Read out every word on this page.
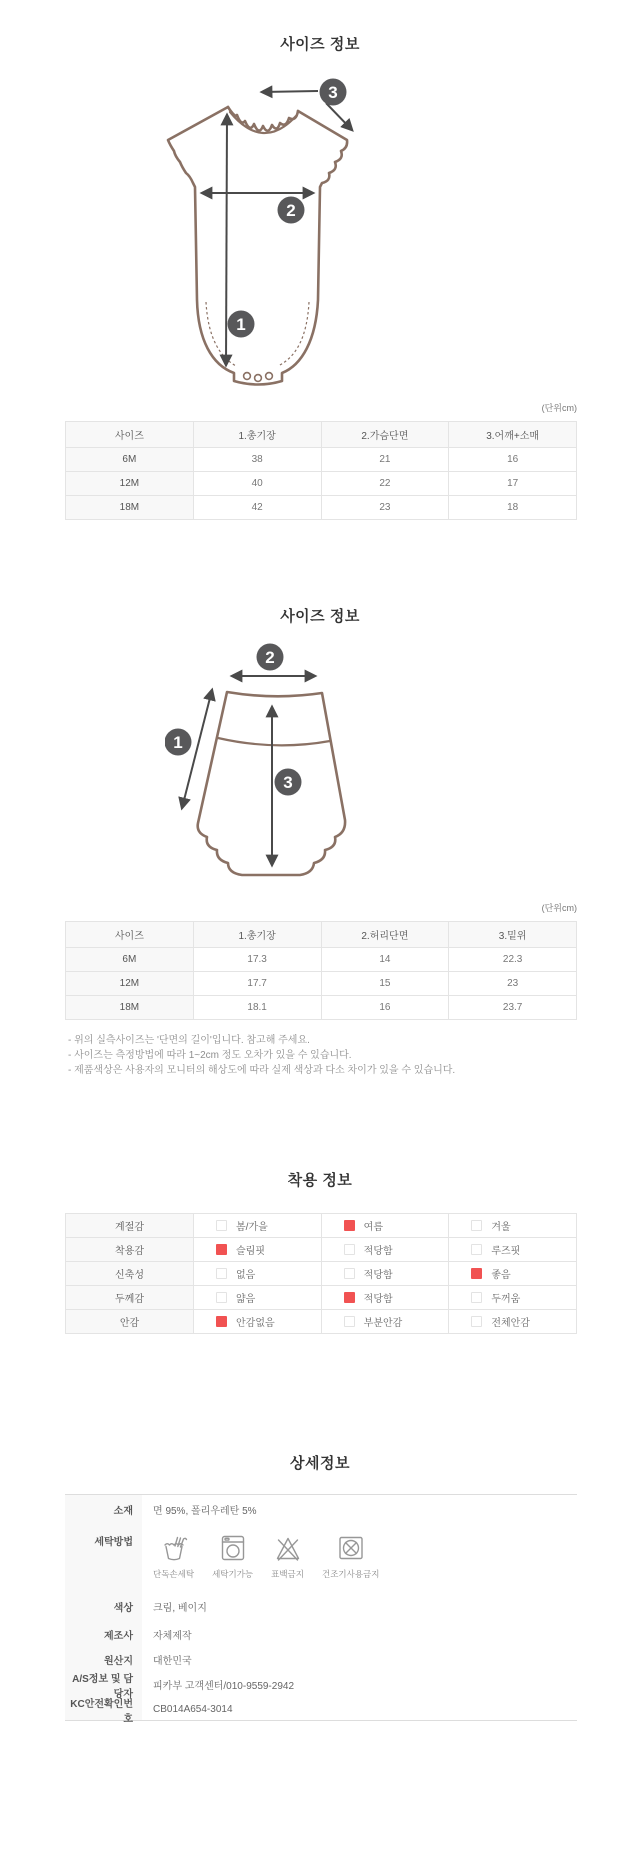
사이즈 정보
1
2
3
(단위cm)
사이즈	1.총기장	2.가슴단면	3.어깨+소매
6M	38	21	16
12M	40	22	17
18M	42	23	18
사이즈 정보
2
1
3
(단위cm)
사이즈	1.총기장	2.허리단면	3.밑위
6M	17.3	14	22.3
12M	17.7	15	23
18M	18.1	16	23.7
- 위의 실측사이즈는 '단면의 길이'입니다. 참고해 주세요.
- 사이즈는 측정방법에 따라 1~2cm 정도 오차가 있을 수 있습니다.
- 제품색상은 사용자의 모니터의 해상도에 따라 실제 색상과 다소 차이가 있을 수 있습니다.
착용 정보
계절감	봄/가을	여름	겨울

착용감	슬림핏	적당함	루즈핏

신축성	없음	적당함	좋음

두께감	얇음	적당함	두꺼움

안감	안감없음	부분안감	전체안감
상세정보
소재	면 95%, 폴리우레탄 5%
세탁방법
단독손세탁 세탁기가능 표백금지 건조기사용금지
색상	크림, 베이지
제조사	자체제작
원산지	대한민국
A/S정보 및 담당자
피카부 고객센터/010-9559-2942
KC안전확인번호
CB014A654-3014
